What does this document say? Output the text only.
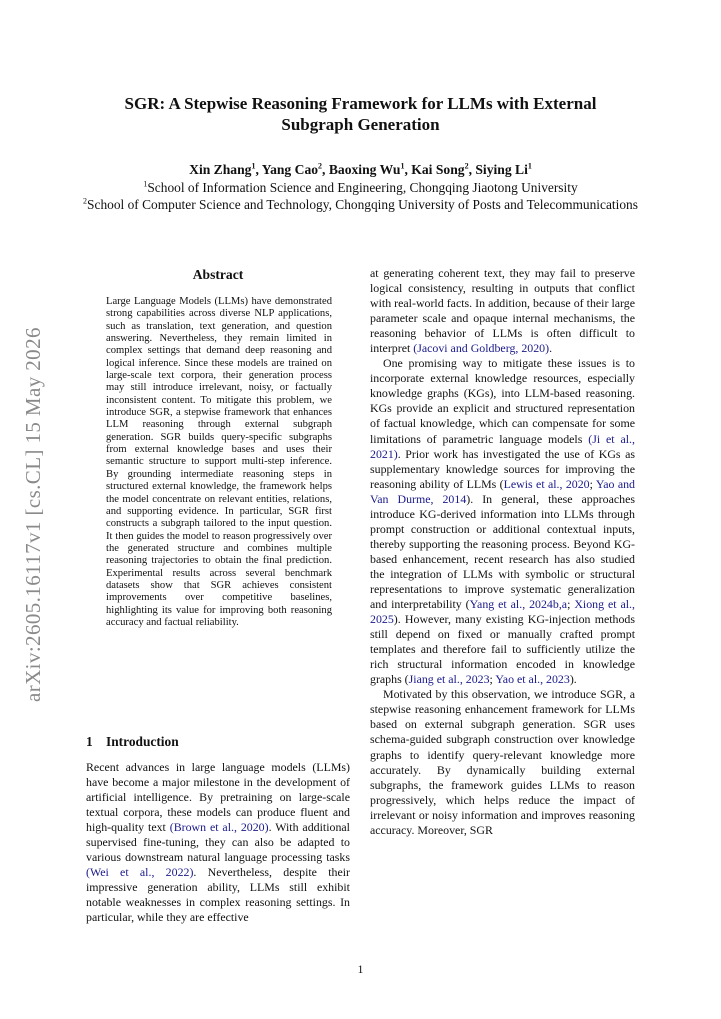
arXiv:2605.16117v1 [cs.CL] 15 May 2026
SGR: A Stepwise Reasoning Framework for LLMs with External Subgraph Generation
Xin Zhang$^1$, Yang Cao$^2$, Baoxing Wu$^1$, Kai Song$^2$, Siying Li$^1$
$^1$School of Information Science and Engineering, Chongqing Jiaotong University
$^2$School of Computer Science and Technology, Chongqing University of Posts and Telecommunications
Abstract

Large Language Models (LLMs) have demonstrated strong capabilities across diverse NLP applications, such as translation, text generation, and question answering. Nevertheless, they remain limited in complex settings that demand deep reasoning and logical inference. Since these models are trained on large-scale text corpora, their generation process may still introduce irrelevant, noisy, or factually inconsistent content. To mitigate this problem, we introduce SGR, a stepwise framework that enhances LLM reasoning through external subgraph generation. SGR builds query-specific subgraphs from external knowledge bases and uses their semantic structure to support multi-step inference. By grounding intermediate reasoning steps in structured external knowledge, the framework helps the model concentrate on relevant entities, relations, and supporting evidence. In particular, SGR first constructs a subgraph tailored to the input question. It then guides the model to reason progressively over the generated structure and combines multiple reasoning trajectories to obtain the final prediction. Experimental results across several benchmark datasets show that SGR achieves consistent improvements over competitive baselines, highlighting its value for improving both reasoning accuracy and factual reliability.

1 Introduction

Recent advances in large language models (LLMs) have become a major milestone in the development of artificial intelligence. By pretraining on large-scale textual corpora, these models can produce fluent and high-quality text (Brown et al., 2020). With additional supervised fine-tuning, they can also be adapted to various downstream natural language processing tasks (Wei et al., 2022). Nevertheless, despite their impressive generation ability, LLMs still exhibit notable weaknesses in complex reasoning settings. In particular, while they are effective

at generating coherent text, they may fail to preserve logical consistency, resulting in outputs that conflict with real-world facts. In addition, because of their large parameter scale and opaque internal mechanisms, the reasoning behavior of LLMs is often difficult to interpret (Jacovi and Goldberg, 2020).

One promising way to mitigate these issues is to incorporate external knowledge resources, especially knowledge graphs (KGs), into LLM-based reasoning. KGs provide an explicit and structured representation of factual knowledge, which can compensate for some limitations of parametric language models (Ji et al., 2021). Prior work has investigated the use of KGs as supplementary knowledge sources for improving the reasoning ability of LLMs (Lewis et al., 2020; Yao and Van Durme, 2014). In general, these approaches introduce KG-derived information into LLMs through prompt construction or additional contextual inputs, thereby supporting the reasoning process. Beyond KG-based enhancement, recent research has also studied the integration of LLMs with symbolic or structural representations to improve systematic generalization and interpretability (Yang et al., 2024b,a; Xiong et al., 2025). However, many existing KG-injection methods still depend on fixed or manually crafted prompt templates and therefore fail to sufficiently utilize the rich structural information encoded in knowledge graphs (Jiang et al., 2023; Yao et al., 2023).

Motivated by this observation, we introduce SGR, a stepwise reasoning enhancement framework for LLMs based on external subgraph generation. SGR uses schema-guided subgraph construction over knowledge graphs to identify query-relevant knowledge more accurately. By dynamically building external subgraphs, the framework guides LLMs to reason progressively, which helps reduce the impact of irrelevant or noisy information and improves reasoning accuracy. Moreover, SGR

1
